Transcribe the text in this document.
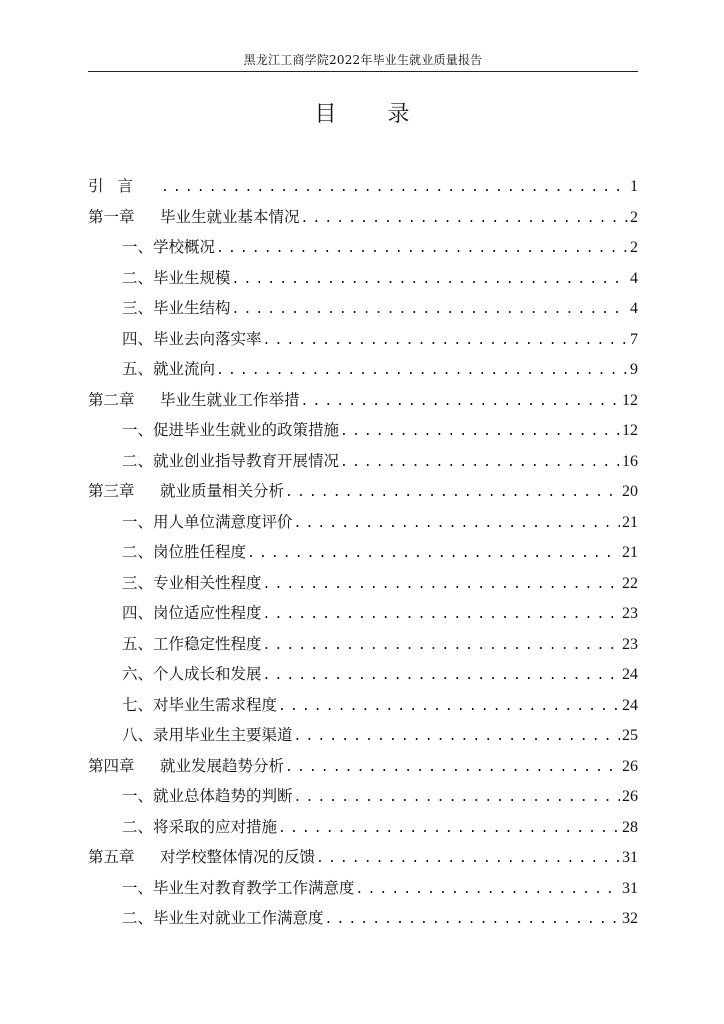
黑龙江工商学院2022年毕业生就业质量报告
目 录
引言 .....	1
第一章 毕业生就业基本情况 .....	2
一、学校概况 .....	2
二、毕业生规模 .....	4
三、毕业生结构 .....	4
四、毕业去向落实率 .....	7
五、就业流向 .....	9
第二章 毕业生就业工作举措 .....	12
一、促进毕业生就业的政策措施 .....	12
二、就业创业指导教育开展情况 .....	16
第三章 就业质量相关分析 .....	20
一、用人单位满意度评价 .....	21
二、岗位胜任程度 .....	21
三、专业相关性程度 .....	22
四、岗位适应性程度 .....	23
五、工作稳定性程度 .....	23
六、个人成长和发展 .....	24
七、对毕业生需求程度 .....	24
八、录用毕业生主要渠道 .....	25
第四章 就业发展趋势分析 .....	26
一、就业总体趋势的判断 .....	26
二、将采取的应对措施 .....	28
第五章 对学校整体情况的反馈 .....	31
一、毕业生对教育教学工作满意度 .....	31
二、毕业生对就业工作满意度 .....	32
